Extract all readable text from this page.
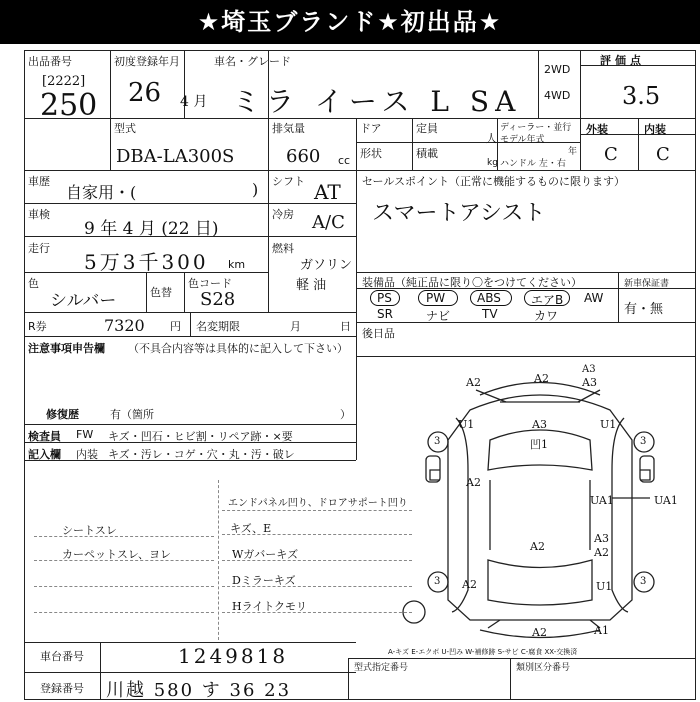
★埼玉ブランド★初出品★
出品番号
[2222]
250
初度登録年月
26 4 月
車名・グレード
ミラ イース L SA
2WD
4WD
評価点
3.5
外装	内装
C C
型式
DBA-LA300S
排気量
660 cc
ドア	定員
人
ディーラー・並行
モデル年式
年
形状	積載
kg ハンドル 左・右
車歴
自家用・(	) シフト AT
車検
9 年 4 月 (22 日)
冷房 A/C
走行
5万3千300 km
燃料
ガソリン
軽 油
色
シルバー	色替
色コード
S28
R券	7320 円 名変期限	月	日
セールスポイント（正常に機能するものに限ります）
スマートアシスト
装備品（純正品に限り〇をつけてください）	新車保証書
有・無
PS	PW	ABS	エアB AW
SR	ナビ	TV	カワ
後日品
注意事項申告欄 （不具合内容等は具体的に記入して下さい）
修復歴	有（箇所	）
検査員 FW キズ・凹石・ヒビ割・リペア跡・×要
記入欄 内装 キズ・汚レ・コゲ・穴・丸・汚・破レ
エンドパネル凹り、ドロアサポート凹り
キズ、E
Wガバーキズ
Dミラーキズ
Hライトクモリ
シートスレ
カーペットスレ、ヨレ
A2	A2
A3
A3
U1	U1
A3
凹1
A2
A2
UA1	UA1
A3
A2
A2	U1
A2	A1
3	3
3	3
A-キズ E-エクボ U-凹み W-補修跡 S-サビ C-腐食 XX-交換済
車台番号	1249818
登録番号 川越 580 す 36 23
型式指定番号	類別区分番号
